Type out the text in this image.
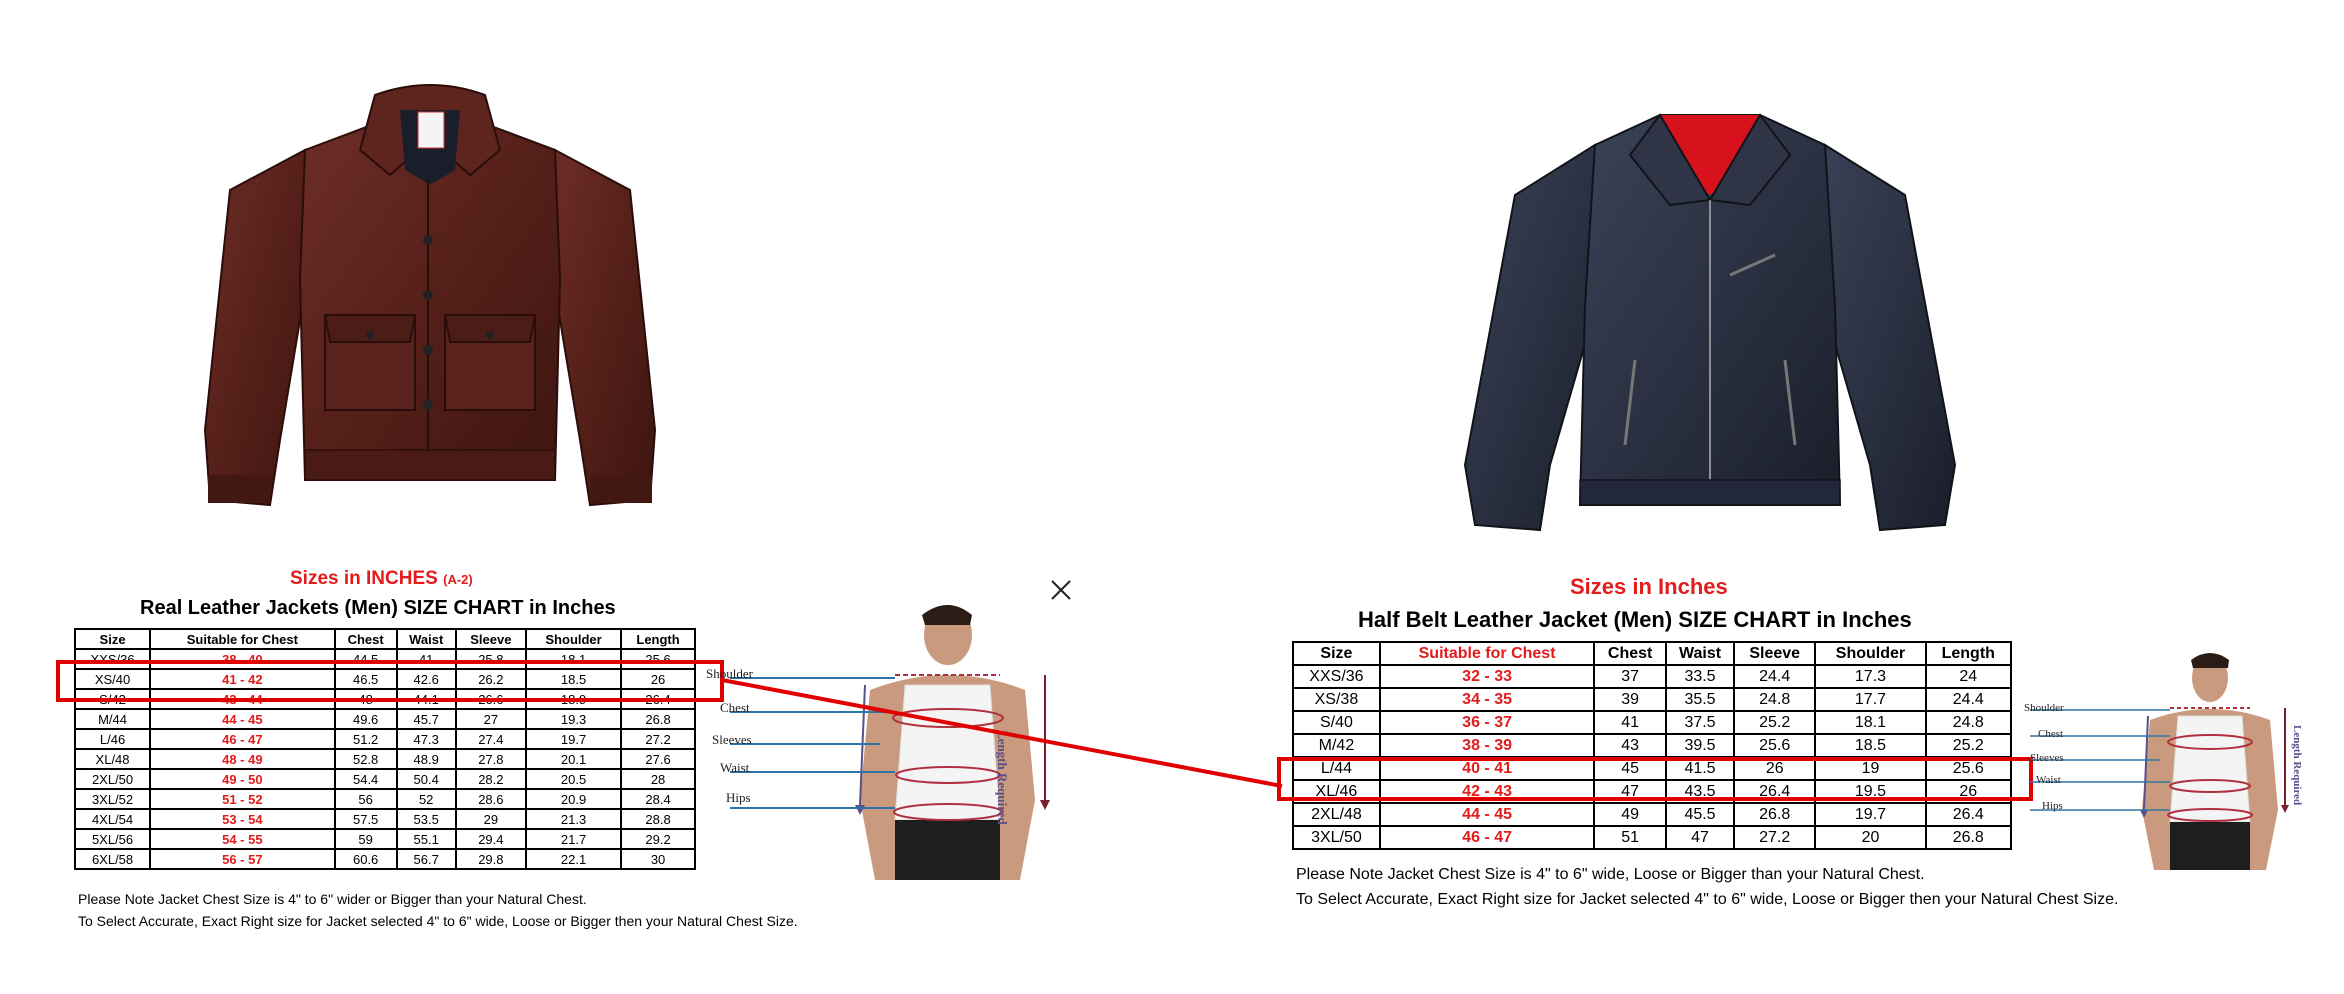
Sizes in INCHES (A-2)
Real Leather Jackets (Men) SIZE CHART in Inches
Size	Suitable for Chest	Chest	Waist	Sleeve	Shoulder	Length
XXS/36	38 - 40	44.5	41	25.8	18.1	25.6
XS/40	41 - 42	46.5	42.6	26.2	18.5	26
S/42	43 - 44	48	44.1	26.6	18.9	26.4
M/44	44 - 45	49.6	45.7	27	19.3	26.8
L/46	46 - 47	51.2	47.3	27.4	19.7	27.2
XL/48	48 - 49	52.8	48.9	27.8	20.1	27.6
2XL/50	49 - 50	54.4	50.4	28.2	20.5	28
3XL/52	51 - 52	56	52	28.6	20.9	28.4
4XL/54	53 - 54	57.5	53.5	29	21.3	28.8
5XL/56	54 - 55	59	55.1	29.4	21.7	29.2
6XL/58	56 - 57	60.6	56.7	29.8	22.1	30
Please Note Jacket Chest Size is 4" to 6" wider or Bigger than your Natural Chest.
To Select Accurate, Exact Right size for Jacket selected 4" to 6" wide, Loose or Bigger then your Natural Chest Size.
Shoulder
Chest
Sleeves
Waist
Hips	Length Required
Sizes in Inches
Half Belt Leather Jacket (Men) SIZE CHART in Inches
Size	Suitable for Chest	Chest	Waist	Sleeve	Shoulder	Length
XXS/36	32 - 33	37	33.5	24.4	17.3	24
XS/38	34 - 35	39	35.5	24.8	17.7	24.4
S/40	36 - 37	41	37.5	25.2	18.1	24.8
M/42	38 - 39	43	39.5	25.6	18.5	25.2
L/44	40 - 41	45	41.5	26	19	25.6
XL/46	42 - 43	47	43.5	26.4	19.5	26
2XL/48	44 - 45	49	45.5	26.8	19.7	26.4
3XL/50	46 - 47	51	47	27.2	20	26.8
Please Note Jacket Chest Size is 4" to 6" wide, Loose or Bigger than your Natural Chest.
To Select Accurate, Exact Right size for Jacket selected 4" to 6" wide, Loose or Bigger then your Natural Chest Size.
Shoulder
Chest
Sleeves
Waist
Hips
Length Required
